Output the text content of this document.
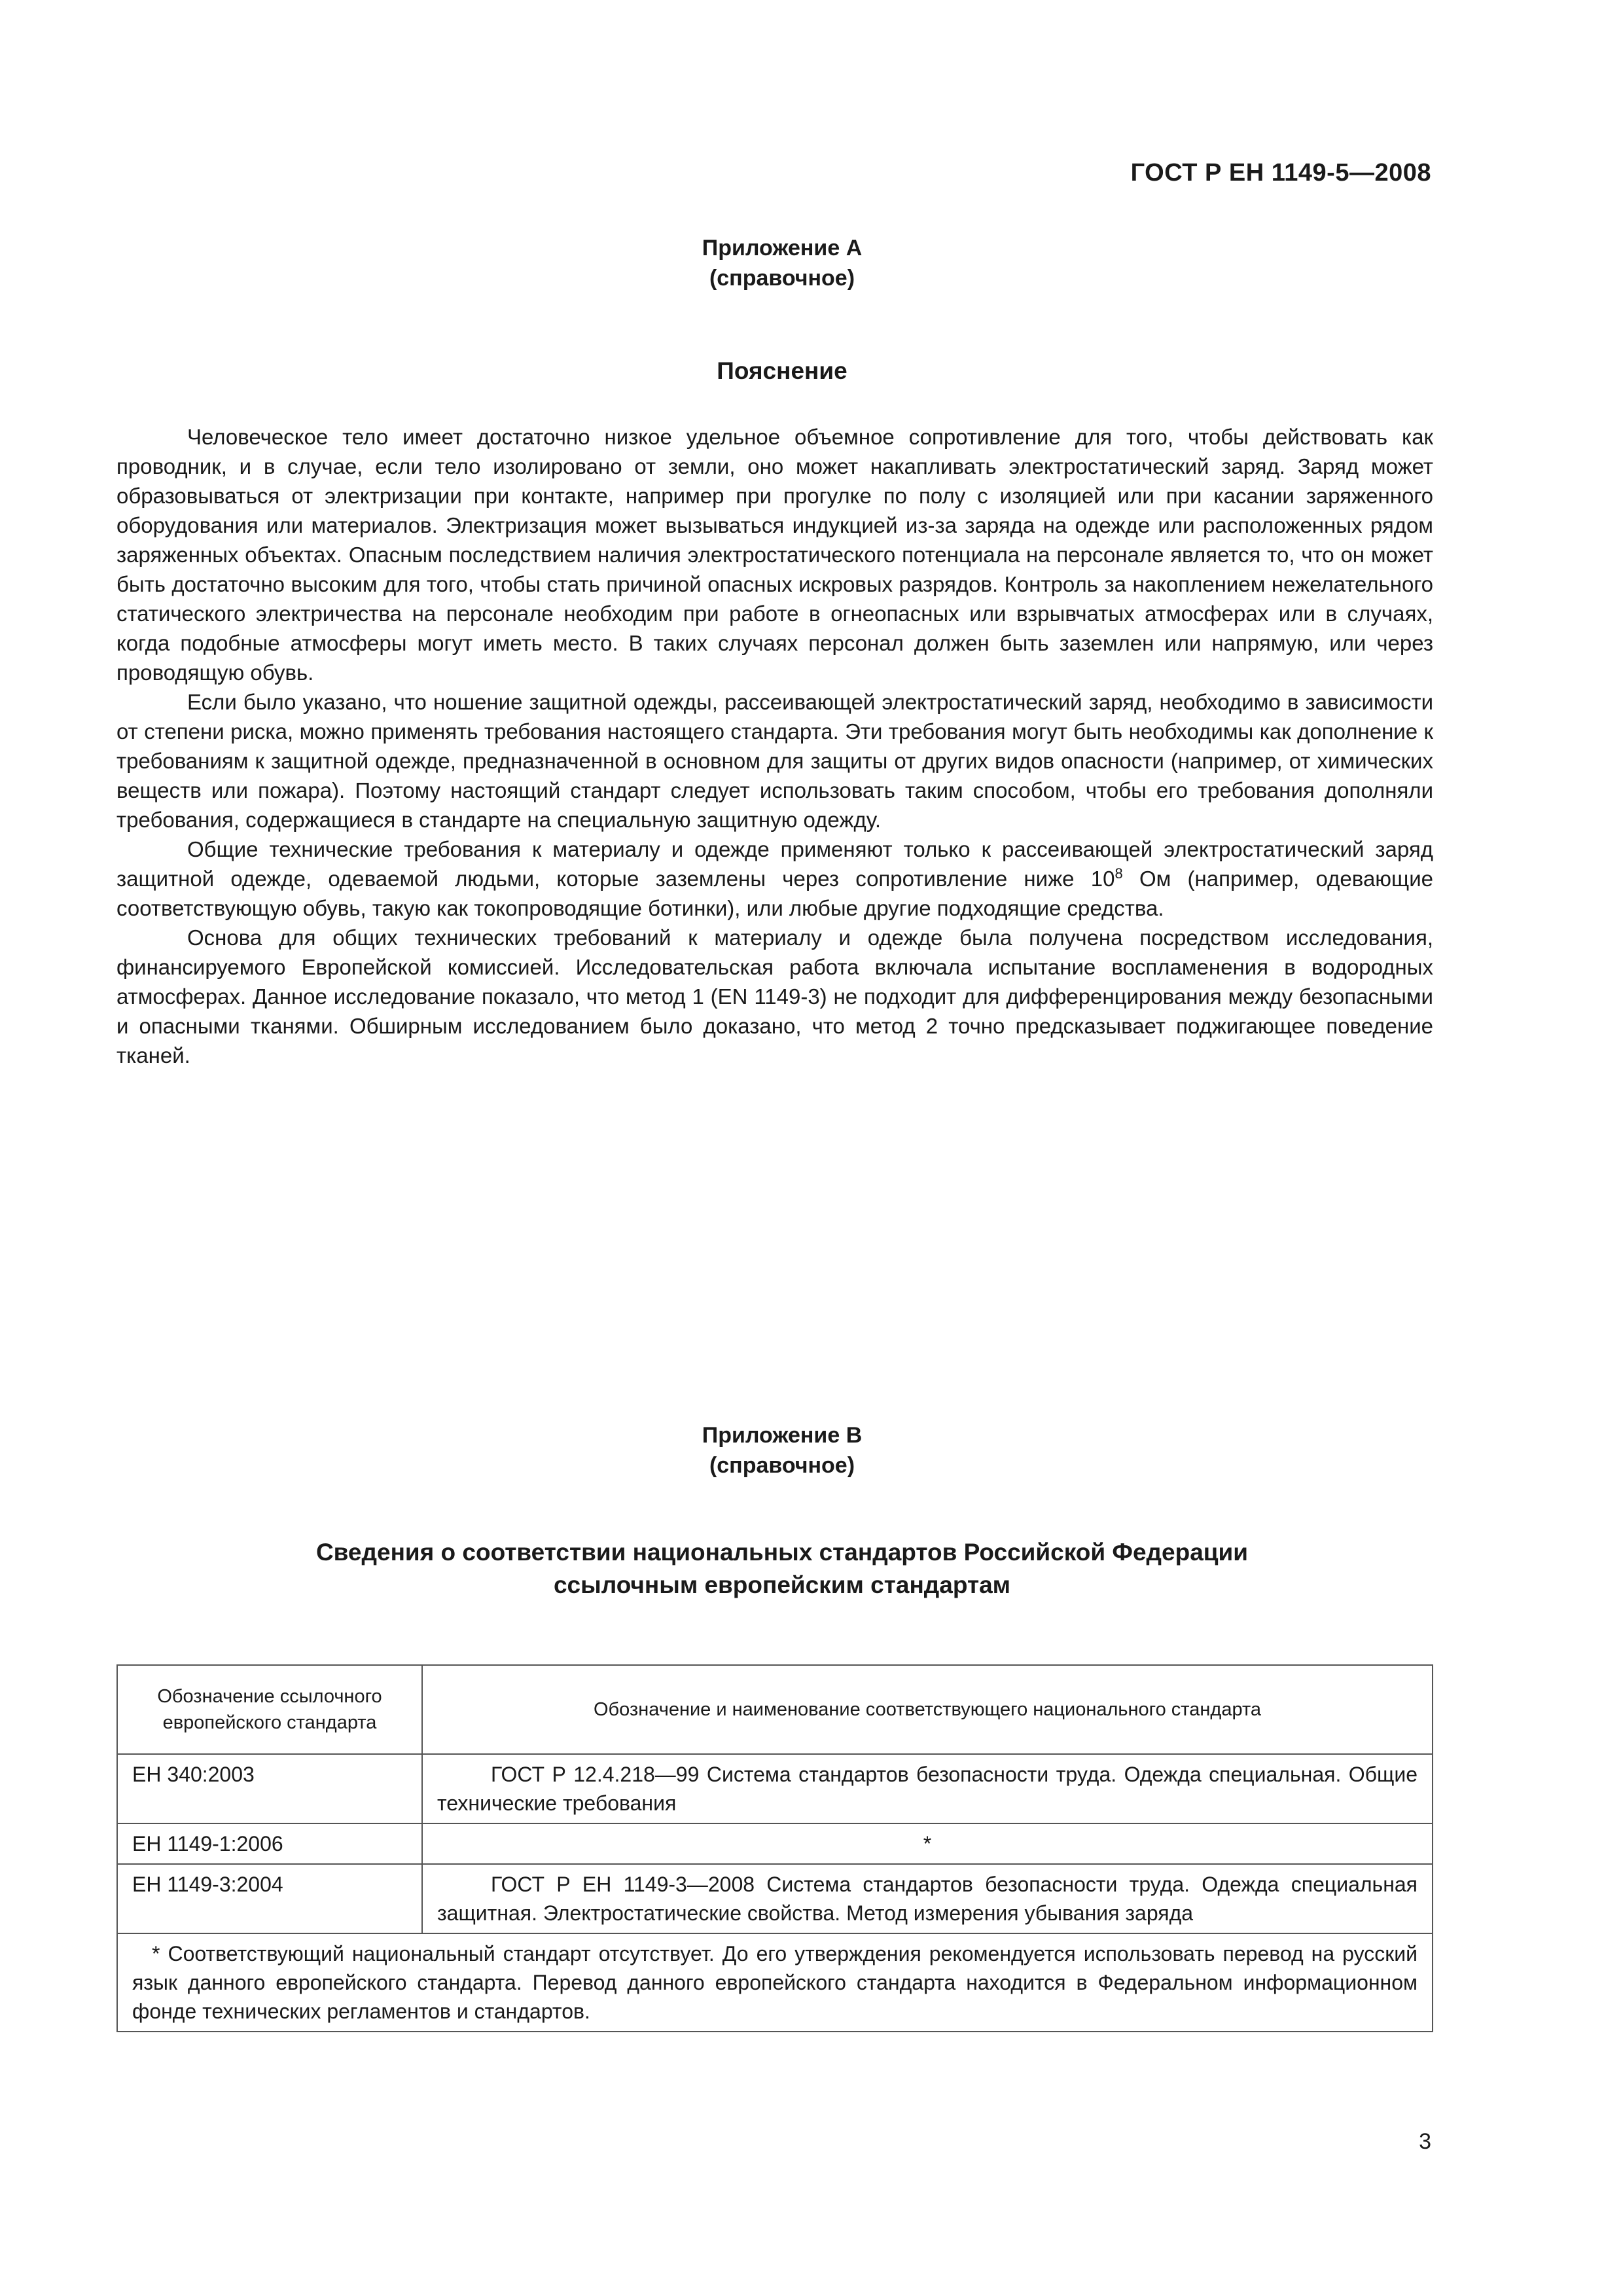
ГОСТ Р ЕН 1149-5—2008
Приложение А
(справочное)
Пояснение

Человеческое тело имеет достаточно низкое удельное объемное сопротивление для того, чтобы действовать как проводник, и в случае, если тело изолировано от земли, оно может накапливать электростатический заряд. Заряд может образовываться от электризации при контакте, например при прогулке по полу с изоляцией или при касании заряженного оборудования или материалов. Электризация может вызываться индукцией из-за заряда на одежде или расположенных рядом заряженных объектах. Опасным последствием наличия электростатического потенциала на персонале является то, что он может быть достаточно высоким для того, чтобы стать причиной опасных искровых разрядов. Контроль за накоплением нежелательного статического электричества на персонале необходим при работе в огнеопасных или взрывчатых атмосферах или в случаях, когда подобные атмосферы могут иметь место. В таких случаях персонал должен быть заземлен или напрямую, или через проводящую обувь.

Если было указано, что ношение защитной одежды, рассеивающей электростатический заряд, необходимо в зависимости от степени риска, можно применять требования настоящего стандарта. Эти требования могут быть необходимы как дополнение к требованиям к защитной одежде, предназначенной в основном для защиты от других видов опасности (например, от химических веществ или пожара). Поэтому настоящий стандарт следует использовать таким способом, чтобы его требования дополняли требования, содержащиеся в стандарте на специальную защитную одежду.

Общие технические требования к материалу и одежде применяют только к рассеивающей электростатический заряд защитной одежде, одеваемой людьми, которые заземлены через сопротивление ниже $10^8$ Ом (например, одевающие соответствующую обувь, такую как токопроводящие ботинки), или любые другие подходящие средства.

Основа для общих технических требований к материалу и одежде была получена посредством исследования, финансируемого Европейской комиссией. Исследовательская работа включала испытание воспламенения в водородных атмосферах. Данное исследование показало, что метод 1 (EN 1149-3) не подходит для дифференцирования между безопасными и опасными тканями. Обширным исследованием было доказано, что метод 2 точно предсказывает поджигающее поведение тканей.

Приложение В
(справочное)
Сведения о соответствии национальных стандартов Российской Федерации
ссылочным европейским стандартам
Обозначение ссылочного европейского стандарта	Обозначение и наименование соответствующего национального стандарта
ЕН 340:2003	ГОСТ Р 12.4.218—99 Система стандартов безопасности труда. Одежда специальная. Общие технические требования
ЕН 1149-1:2006	*
ЕН 1149-3:2004	ГОСТ Р ЕН 1149-3—2008 Система стандартов безопасности труда. Одежда специальная защитная. Электростатические свойства. Метод измерения убывания заряда
* Соответствующий национальный стандарт отсутствует. До его утверждения рекомендуется использовать перевод на русский язык данного европейского стандарта. Перевод данного европейского стандарта находится в Федеральном информационном фонде технических регламентов и стандартов.	
3
